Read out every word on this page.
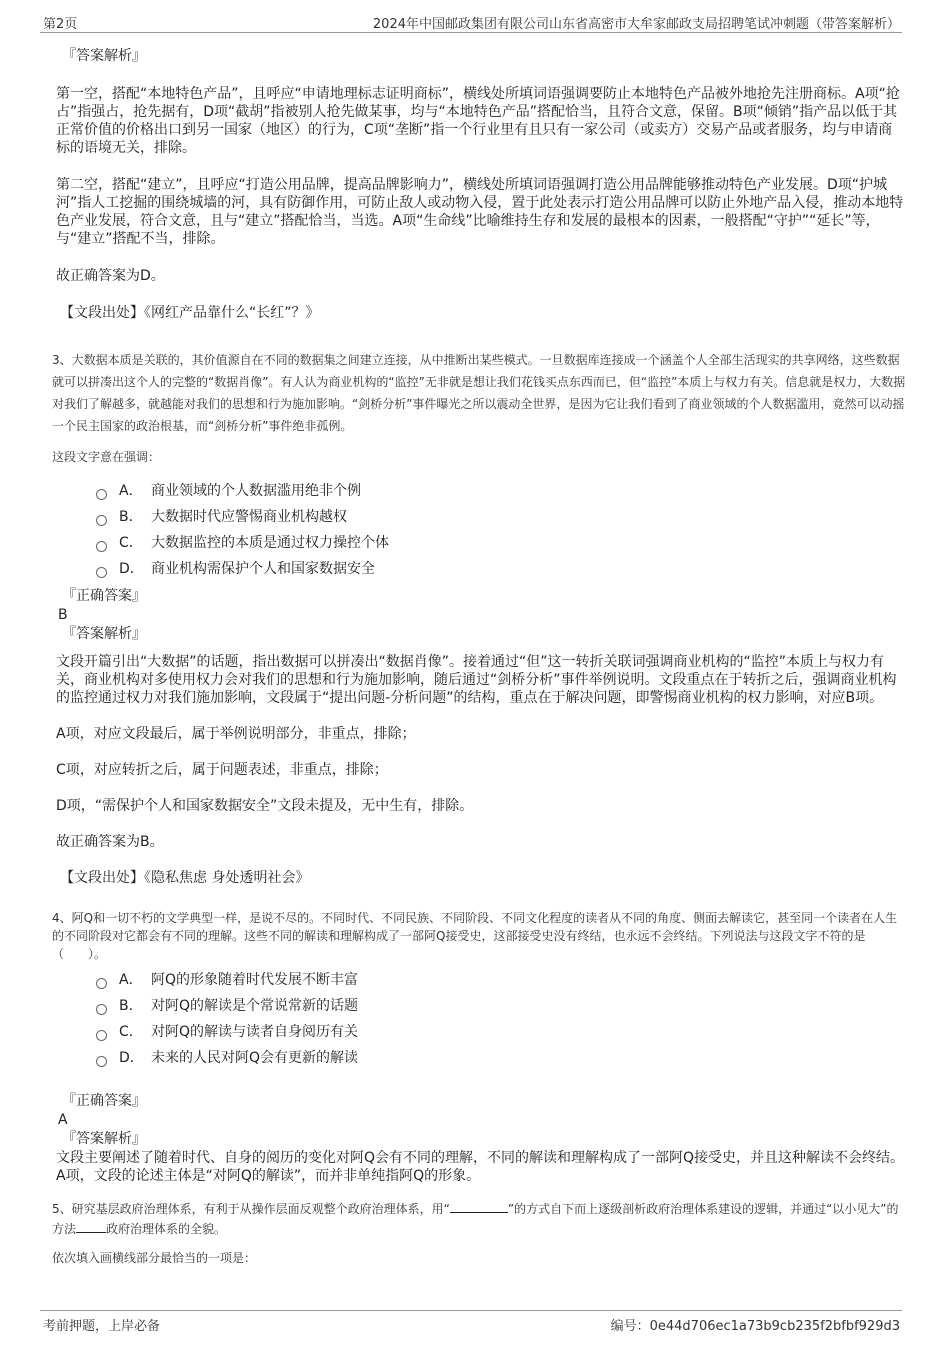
第2页	2024年中国邮政集团有限公司山东省高密市大牟家邮政支局招聘笔试冲刺题（带答案解析）
『答案解析』

第一空，搭配“本地特色产品”，且呼应“申请地理标志证明商标”，横线处所填词语强调要防止本地特色产品被外地抢先注册商标。A项“抢占”指强占，抢先据有，D项“截胡”指被别人抢先做某事，均与“本地特色产品”搭配恰当，且符合文意，保留。B项“倾销”指产品以低于其正常价值的价格出口到另一国家（地区）的行为，C项“垄断”指一个行业里有且只有一家公司（或卖方）交易产品或者服务，均与申请商标的语境无关，排除。

第二空，搭配“建立”，且呼应“打造公用品牌，提高品牌影响力”，横线处所填词语强调打造公用品牌能够推动特色产业发展。D项“护城河”指人工挖掘的围绕城墙的河，具有防御作用，可防止敌人或动物入侵，置于此处表示打造公用品牌可以防止外地产品入侵，推动本地特色产业发展，符合文意，且与“建立”搭配恰当，当选。A项“生命线”比喻维持生存和发展的最根本的因素，一般搭配“守护”“延长”等，与“建立”搭配不当，排除。

故正确答案为D。

【文段出处】《网红产品靠什么“长红”？》

3、大数据本质是关联的，其价值源自在不同的数据集之间建立连接，从中推断出某些模式。一旦数据库连接成一个涵盖个人全部生活现实的共享网络，这些数据就可以拼凑出这个人的完整的“数据肖像”。有人认为商业机构的“监控”无非就是想让我们花钱买点东西而已，但“监控”本质上与权力有关。信息就是权力，大数据对我们了解越多，就越能对我们的思想和行为施加影响。“剑桥分析”事件曝光之所以震动全世界，是因为它让我们看到了商业领域的个人数据滥用，竟然可以动摇一个民主国家的政治根基，而“剑桥分析”事件绝非孤例。

这段文字意在强调：

A． 商业领域的个人数据滥用绝非个例
B． 大数据时代应警惕商业机构越权
C． 大数据监控的本质是通过权力操控个体
D． 商业机构需保护个人和国家数据安全
『正确答案』
B
『答案解析』

文段开篇引出“大数据”的话题，指出数据可以拼凑出“数据肖像”。接着通过“但”这一转折关联词强调商业机构的“监控”本质上与权力有关，商业机构对多使用权力会对我们的思想和行为施加影响，随后通过“剑桥分析”事件举例说明。文段重点在于转折之后，强调商业机构的监控通过权力对我们施加影响，文段属于“提出问题-分析问题”的结构，重点在于解决问题，即警惕商业机构的权力影响，对应B项。

A项，对应文段最后，属于举例说明部分，非重点，排除；

C项，对应转折之后，属于问题表述，非重点，排除；

D项，“需保护个人和国家数据安全”文段未提及，无中生有，排除。

故正确答案为B。

【文段出处】《隐私焦虑 身处透明社会》

4、阿Q和一切不朽的文学典型一样，是说不尽的。不同时代、不同民族、不同阶段、不同文化程度的读者从不同的角度、侧面去解读它，甚至同一个读者在人生的不同阶段对它都会有不同的理解。这些不同的解读和理解构成了一部阿Q接受史，这部接受史没有终结，也永远不会终结。下列说法与这段文字不符的是（　　）。

A． 阿Q的形象随着时代发展不断丰富
B． 对阿Q的解读是个常说常新的话题
C． 对阿Q的解读与读者自身阅历有关
D． 未来的人民对阿Q会有更新的解读
『正确答案』
A
『答案解析』

文段主要阐述了随着时代、自身的阅历的变化对阿Q会有不同的理解，不同的解读和理解构成了一部阿Q接受史，并且这种解读不会终结。A项，文段的论述主体是“对阿Q的解读”，而并非单纯指阿Q的形象。

5、研究基层政府治理体系，有利于从操作层面反观整个政府治理体系，用“	”的方式自下而上逐级剖析政府治理体系建设的逻辑，并通过“以小见大”的方法	政府治理体系的全貌。

依次填入画横线部分最恰当的一项是：

考前押题，上岸必备	编号：0e44d706ec1a73b9cb235f2bfbf929d3
